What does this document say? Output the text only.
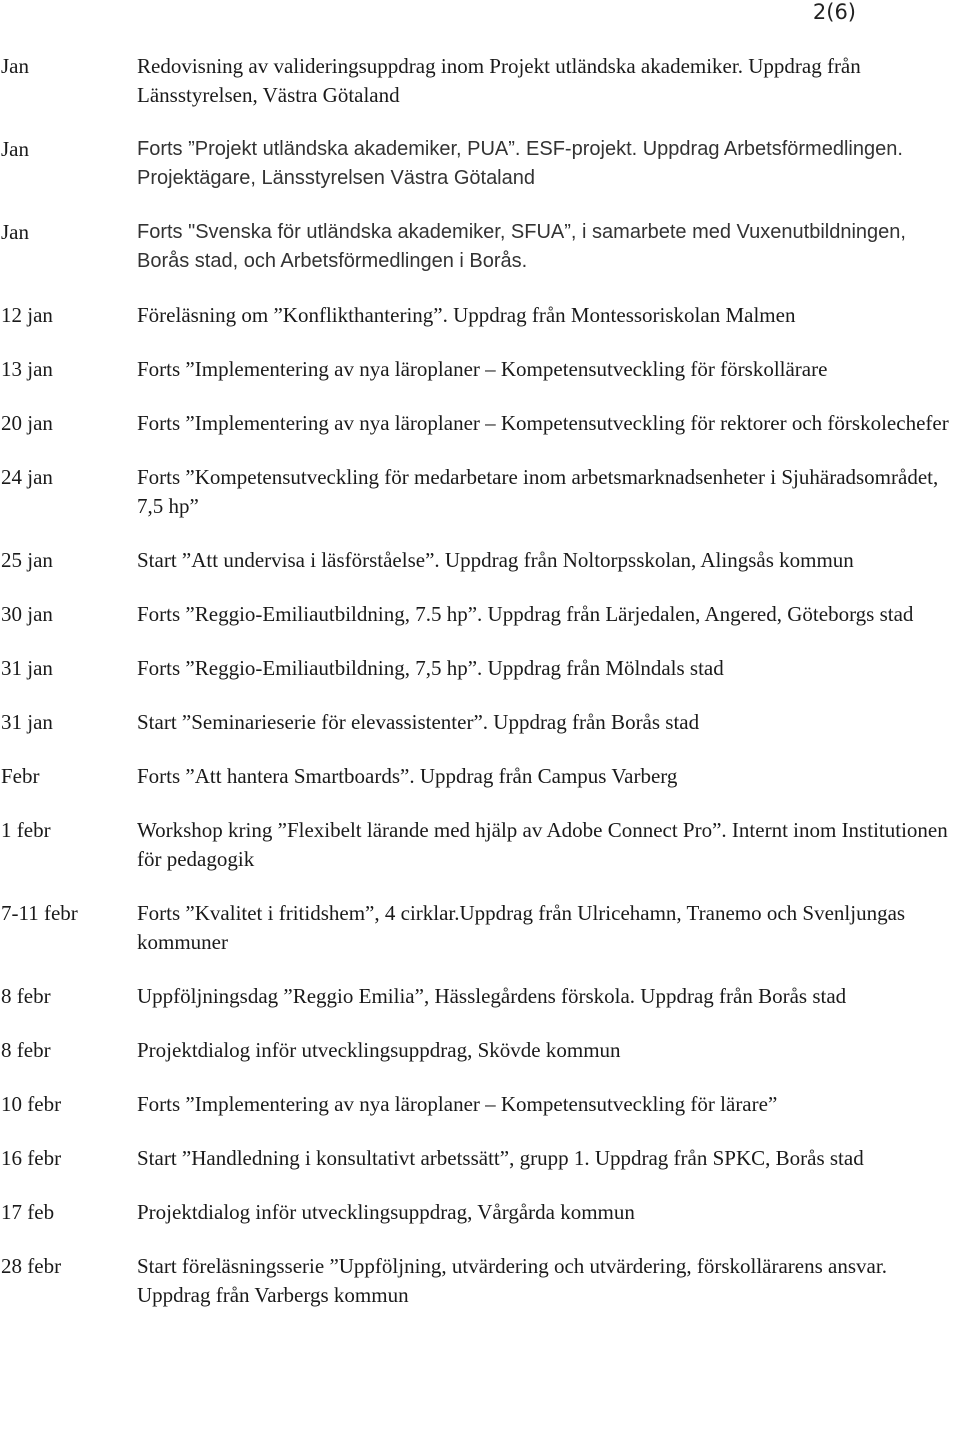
2(6)
Jan	Redovisning av valideringsuppdrag inom Projekt utländska akademiker. Uppdrag från Länsstyrelsen, Västra Götaland
Jan	Forts ”Projekt utländska akademiker, PUA”. ESF-projekt. Uppdrag Arbetsförmedlingen. Projektägare, Länsstyrelsen Västra Götaland
Jan	Forts "Svenska för utländska akademiker, SFUA”, i samarbete med Vuxenutbildningen, Borås stad, och Arbetsförmedlingen i Borås.
12 jan	Föreläsning om ”Konflikthantering”. Uppdrag från Montessoriskolan Malmen
13 jan	Forts ”Implementering av nya läroplaner – Kompetensutveckling för förskollärare
20 jan	Forts ”Implementering av nya läroplaner – Kompetensutveckling för rektorer och förskolechefer
24 jan	Forts ”Kompetensutveckling för medarbetare inom arbetsmarknadsenheter i Sjuhäradsområdet, 7,5 hp”
25 jan	Start ”Att undervisa i läsförståelse”. Uppdrag från Noltorpsskolan, Alingsås kommun
30 jan	Forts ”Reggio-Emiliautbildning, 7.5 hp”. Uppdrag från Lärjedalen, Angered, Göteborgs stad
31 jan	Forts ”Reggio-Emiliautbildning, 7,5 hp”. Uppdrag från Mölndals stad
31 jan	Start ”Seminarieserie för elevassistenter”. Uppdrag från Borås stad
Febr	Forts ”Att hantera Smartboards”. Uppdrag från Campus Varberg
1 febr	Workshop kring ”Flexibelt lärande med hjälp av Adobe Connect Pro”. Internt inom Institutionen för pedagogik
7-11 febr	Forts ”Kvalitet i fritidshem”, 4 cirklar.Uppdrag från Ulricehamn, Tranemo och Svenljungas kommuner
8 febr	Uppföljningsdag ”Reggio Emilia”, Hässlegårdens förskola. Uppdrag från Borås stad
8 febr	Projektdialog inför utvecklingsuppdrag, Skövde kommun
10 febr	Forts ”Implementering av nya läroplaner – Kompetensutveckling för lärare”
16 febr	Start ”Handledning i konsultativt arbetssätt”, grupp 1. Uppdrag från SPKC, Borås stad
17 feb	Projektdialog inför utvecklingsuppdrag, Vårgårda kommun
28 febr	Start föreläsningsserie ”Uppföljning, utvärdering och utvärdering, förskollärarens ansvar. Uppdrag från Varbergs kommun
